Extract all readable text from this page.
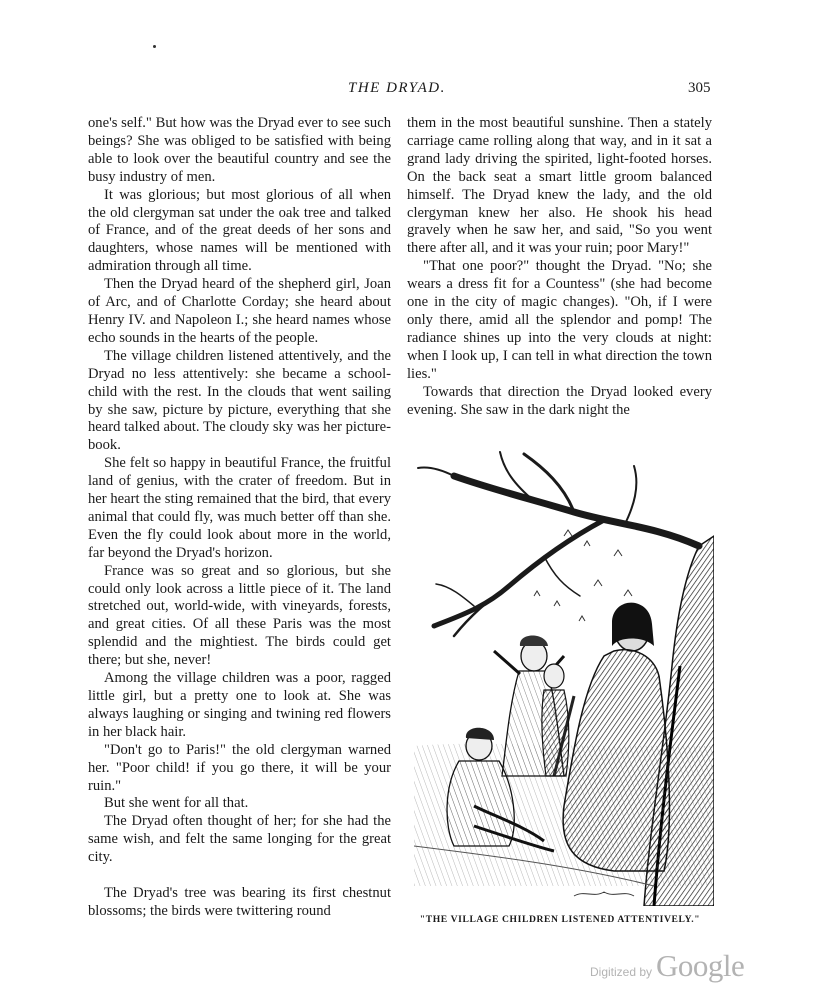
THE DRYAD.	305

one's self." But how was the Dryad ever to see such beings? She was obliged to be satisfied with being able to look over the beautiful country and see the busy industry of men.

It was glorious; but most glorious of all when the old clergyman sat under the oak tree and talked of France, and of the great deeds of her sons and daughters, whose names will be mentioned with admiration through all time.

Then the Dryad heard of the shepherd girl, Joan of Arc, and of Charlotte Corday; she heard about Henry IV. and Napoleon I.; she heard names whose echo sounds in the hearts of the people.

The village children listened attentively, and the Dryad no less attentively: she became a school-child with the rest. In the clouds that went sailing by she saw, picture by picture, everything that she heard talked about. The cloudy sky was her picture-book.

She felt so happy in beautiful France, the fruitful land of genius, with the crater of freedom. But in her heart the sting remained that the bird, that every animal that could fly, was much better off than she. Even the fly could look about more in the world, far beyond the Dryad's horizon.

France was so great and so glorious, but she could only look across a little piece of it. The land stretched out, world-wide, with vineyards, forests, and great cities. Of all these Paris was the most splendid and the mightiest. The birds could get there; but she, never!

Among the village children was a poor, ragged little girl, but a pretty one to look at. She was always laughing or singing and twining red flowers in her black hair.

"Don't go to Paris!" the old clergyman warned her. "Poor child! if you go there, it will be your ruin."

But she went for all that.

The Dryad often thought of her; for she had the same wish, and felt the same longing for the great city.

The Dryad's tree was bearing its first chestnut blossoms; the birds were twittering round

them in the most beautiful sunshine. Then a stately carriage came rolling along that way, and in it sat a grand lady driving the spirited, light-footed horses. On the back seat a smart little groom balanced himself. The Dryad knew the lady, and the old clergyman knew her also. He shook his head gravely when he saw her, and said, "So you went there after all, and it was your ruin; poor Mary!"

"That one poor?" thought the Dryad. "No; she wears a dress fit for a Countess" (she had become one in the city of magic changes). "Oh, if I were only there, amid all the splendor and pomp! The radiance shines up into the very clouds at night: when I look up, I can tell in what direction the town lies."

Towards that direction the Dryad looked every evening. She saw in the dark night the

"THE VILLAGE CHILDREN LISTENED ATTENTIVELY."
Digitized by Google
